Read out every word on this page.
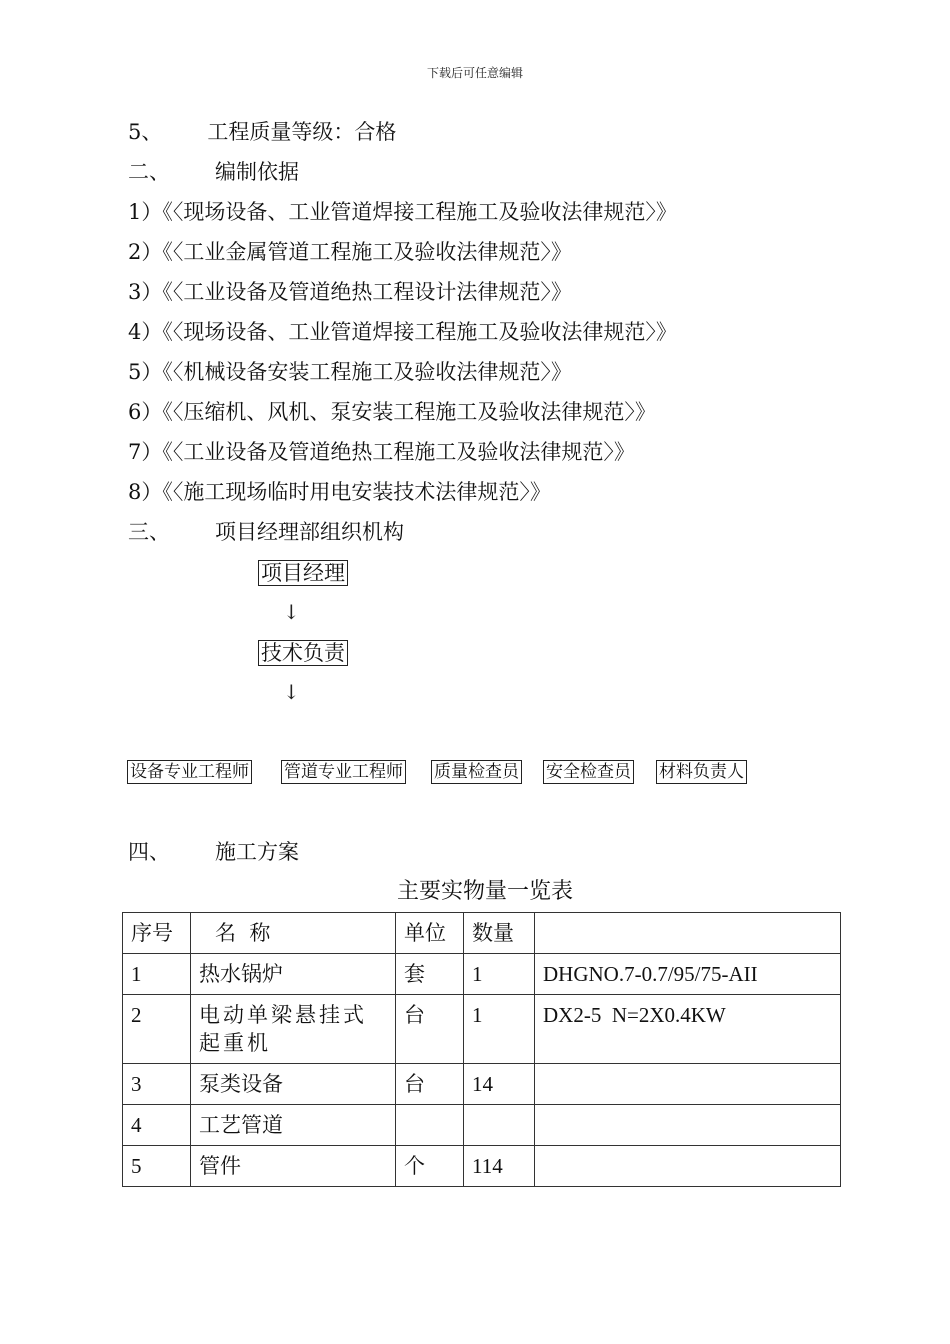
下载后可任意编辑
5、 工程质量等级：合格
二、 编制依据
1）《〈现场设备、工业管道焊接工程施工及验收法律规范〉》
2）《〈工业金属管道工程施工及验收法律规范〉》
3）《〈工业设备及管道绝热工程设计法律规范〉》
4）《〈现场设备、工业管道焊接工程施工及验收法律规范〉》
5）《〈机械设备安装工程施工及验收法律规范〉》
6）《〈压缩机、风机、泵安装工程施工及验收法律规范〉》
7）《〈工业设备及管道绝热工程施工及验收法律规范〉》
8）《〈施工现场临时用电安装技术法律规范〉》
三、 项目经理部组织机构
项目经理
↓
技术负责
↓
设备专业工程师 管道专业工程师 质量检查员 安全检查员 材料负责人
四、 施工方案
主要实物量一览表
序号	名  称	单位	数量	
1	热水锅炉	套	1	DHGNO.7-0.7/95/75-AII
2	电动单梁悬挂式起重机	台	1	DX2-5  N=2X0.4KW
3	泵类设备	台	14	
4	工艺管道			
5	管件	个	114	
